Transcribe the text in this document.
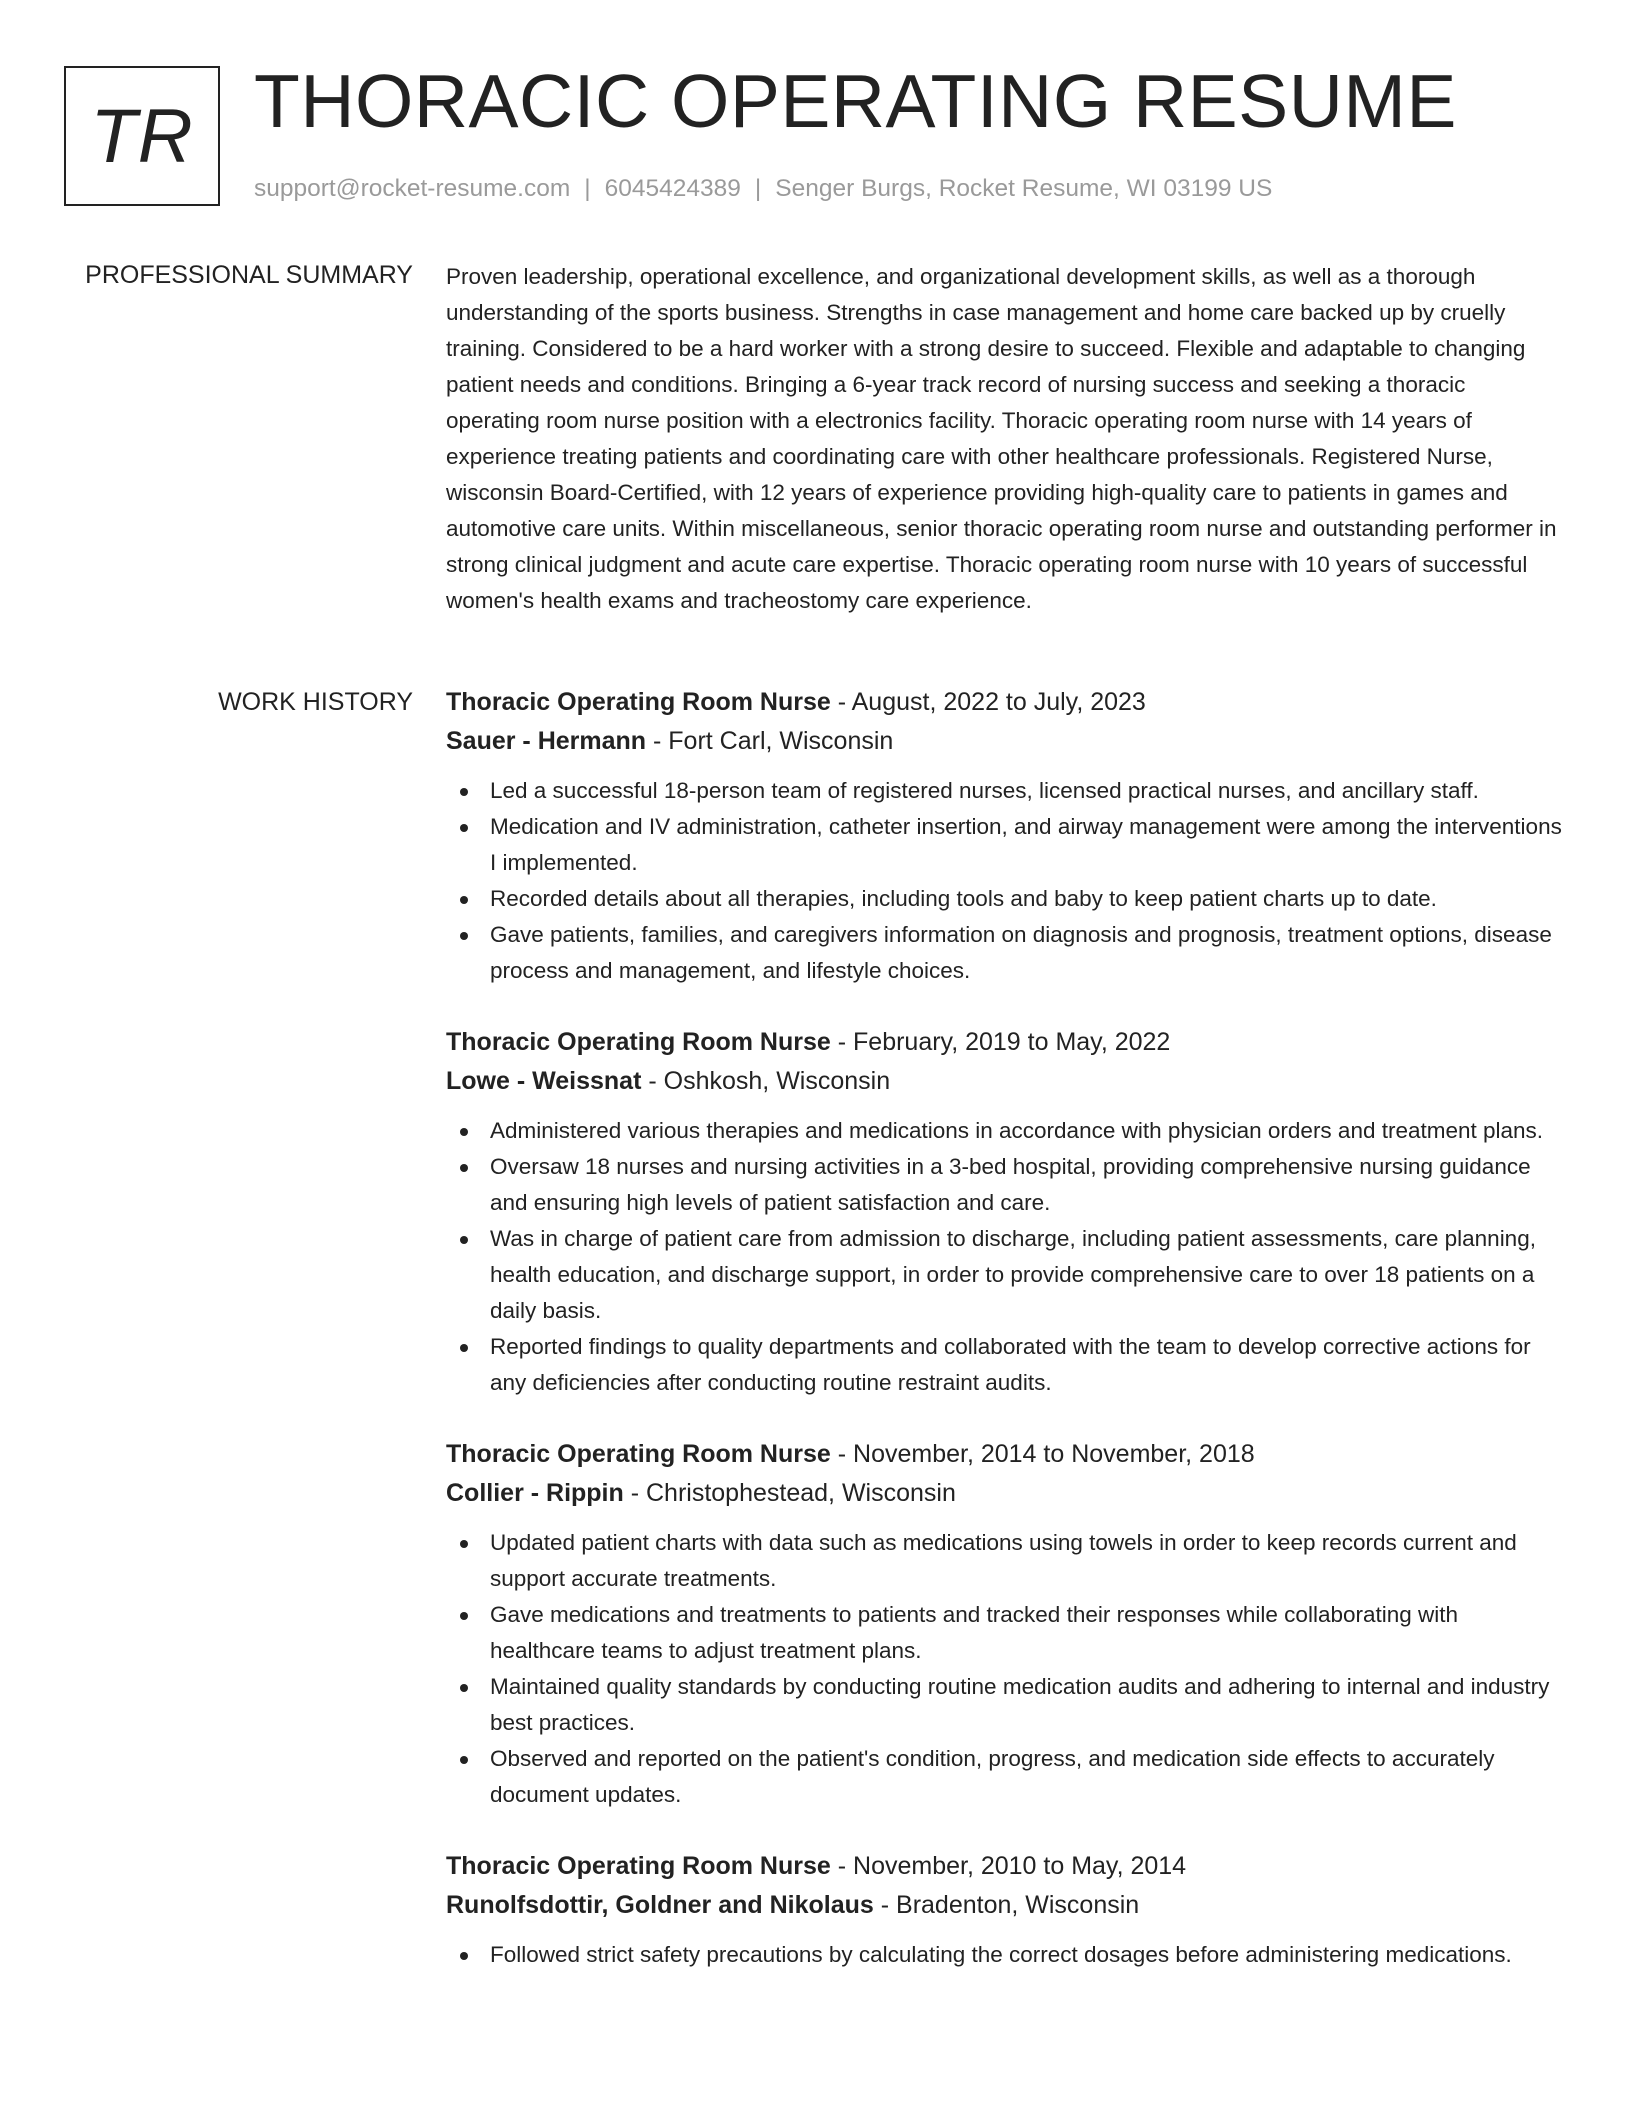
TR THORACIC OPERATING RESUME
support@rocket-resume.com | 6045424389 | Senger Burgs, Rocket Resume, WI 03199 US
PROFESSIONAL SUMMARY Proven leadership, operational excellence, and organizational development skills, as well as a thorough understanding of the sports business. Strengths in case management and home care backed up by cruelly training. Considered to be a hard worker with a strong desire to succeed. Flexible and adaptable to changing patient needs and conditions. Bringing a 6-year track record of nursing success and seeking a thoracic operating room nurse position with a electronics facility. Thoracic operating room nurse with 14 years of experience treating patients and coordinating care with other healthcare professionals. Registered Nurse, wisconsin Board-Certified, with 12 years of experience providing high-quality care to patients in games and automotive care units. Within miscellaneous, senior thoracic operating room nurse and outstanding performer in strong clinical judgment and acute care expertise. Thoracic operating room nurse with 10 years of successful women's health exams and tracheostomy care experience.

WORK HISTORY Thoracic Operating Room Nurse - August, 2022 to July, 2023
Sauer - Hermann - Fort Carl, Wisconsin
Led a successful 18-person team of registered nurses, licensed practical nurses, and ancillary staff.
Medication and IV administration, catheter insertion, and airway management were among the interventions I implemented.
Recorded details about all therapies, including tools and baby to keep patient charts up to date.
Gave patients, families, and caregivers information on diagnosis and prognosis, treatment options, disease process and management, and lifestyle choices.
Thoracic Operating Room Nurse - February, 2019 to May, 2022
Lowe - Weissnat - Oshkosh, Wisconsin
Administered various therapies and medications in accordance with physician orders and treatment plans.
Oversaw 18 nurses and nursing activities in a 3-bed hospital, providing comprehensive nursing guidance and ensuring high levels of patient satisfaction and care.
Was in charge of patient care from admission to discharge, including patient assessments, care planning, health education, and discharge support, in order to provide comprehensive care to over 18 patients on a daily basis.
Reported findings to quality departments and collaborated with the team to develop corrective actions for any deficiencies after conducting routine restraint audits.
Thoracic Operating Room Nurse - November, 2014 to November, 2018
Collier - Rippin - Christophestead, Wisconsin
Updated patient charts with data such as medications using towels in order to keep records current and support accurate treatments.
Gave medications and treatments to patients and tracked their responses while collaborating with healthcare teams to adjust treatment plans.
Maintained quality standards by conducting routine medication audits and adhering to internal and industry best practices.
Observed and reported on the patient's condition, progress, and medication side effects to accurately document updates.
Thoracic Operating Room Nurse - November, 2010 to May, 2014
Runolfsdottir, Goldner and Nikolaus - Bradenton, Wisconsin
Followed strict safety precautions by calculating the correct dosages before administering medications.
